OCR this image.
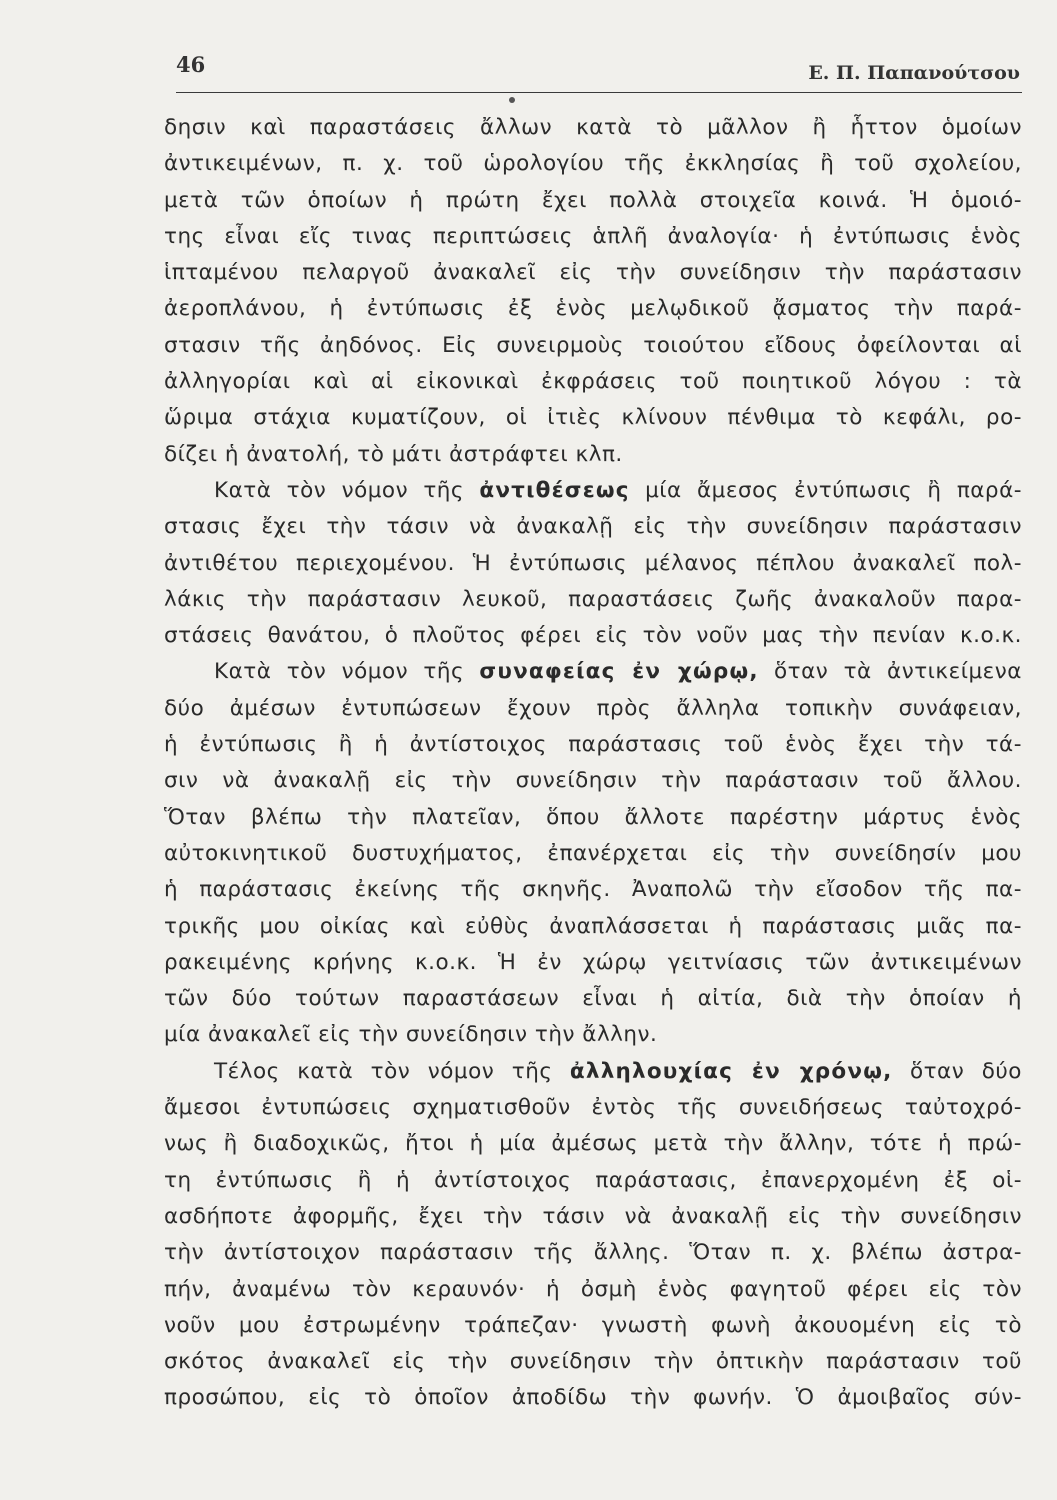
46	Ε. Π. Παπανούτσου
δησιν καὶ παραστάσεις ἄλλων κατὰ τὸ μᾶλλον ἢ ἧττον ὁμοίων
ἀντικειμένων, π. χ. τοῦ ὡρολογίου τῆς ἐκκλησίας ἢ τοῦ σχολείου,
μετὰ τῶν ὁποίων ἡ πρώτη ἔχει πολλὰ στοιχεῖα κοινά. Ἡ ὁμοιό-
της εἶναι εἴς τινας περιπτώσεις ἁπλῆ ἀναλογία· ἡ ἐντύπωσις ἑνὸς
ἱπταμένου πελαργοῦ ἀνακαλεῖ εἰς τὴν συνείδησιν τὴν παράστασιν
ἀεροπλάνου, ἡ ἐντύπωσις ἐξ ἑνὸς μελῳδικοῦ ᾄσματος τὴν παρά-
στασιν τῆς ἀηδόνος. Εἰς συνειρμοὺς τοιούτου εἴδους ὀφείλονται αἱ
ἀλληγορίαι καὶ αἱ εἰκονικαὶ ἐκφράσεις τοῦ ποιητικοῦ λόγου : τὰ
ὥριμα στάχια κυματίζουν, οἱ ἰτιὲς κλίνουν πένθιμα τὸ κεφάλι, ρο-
δίζει ἡ ἀνατολή, τὸ μάτι ἀστράφτει κλπ.
Κατὰ τὸν νόμον τῆς ἀντιθέσεως μία ἄμεσος ἐντύπωσις ἢ παρά-
στασις ἔχει τὴν τάσιν νὰ ἀνακαλῇ εἰς τὴν συνείδησιν παράστασιν
ἀντιθέτου περιεχομένου. Ἡ ἐντύπωσις μέλανος πέπλου ἀνακαλεῖ πολ-
λάκις τὴν παράστασιν λευκοῦ, παραστάσεις ζωῆς ἀνακαλοῦν παρα-
στάσεις θανάτου, ὁ πλοῦτος φέρει εἰς τὸν νοῦν μας τὴν πενίαν κ.ο.κ.
Κατὰ τὸν νόμον τῆς συναφείας ἐν χώρῳ, ὅταν τὰ ἀντικείμενα
δύο ἀμέσων ἐντυπώσεων ἔχουν πρὸς ἄλληλα τοπικὴν συνάφειαν,
ἡ ἐντύπωσις ἢ ἡ ἀντίστοιχος παράστασις τοῦ ἑνὸς ἔχει τὴν τά-
σιν νὰ ἀνακαλῇ εἰς τὴν συνείδησιν τὴν παράστασιν τοῦ ἄλλου.
Ὅταν βλέπω τὴν πλατεῖαν, ὅπου ἄλλοτε παρέστην μάρτυς ἑνὸς
αὐτοκινητικοῦ δυστυχήματος, ἐπανέρχεται εἰς τὴν συνείδησίν μου
ἡ παράστασις ἐκείνης τῆς σκηνῆς. Ἀναπολῶ τὴν εἴσοδον τῆς πα-
τρικῆς μου οἰκίας καὶ εὐθὺς ἀναπλάσσεται ἡ παράστασις μιᾶς πα-
ρακειμένης κρήνης κ.ο.κ. Ἡ ἐν χώρῳ γειτνίασις τῶν ἀντικειμένων
τῶν δύο τούτων παραστάσεων εἶναι ἡ αἰτία, διὰ τὴν ὁποίαν ἡ
μία ἀνακαλεῖ εἰς τὴν συνείδησιν τὴν ἄλλην.
Τέλος κατὰ τὸν νόμον τῆς ἀλληλουχίας ἐν χρόνῳ, ὅταν δύο
ἄμεσοι ἐντυπώσεις σχηματισθοῦν ἐντὸς τῆς συνειδήσεως ταὐτοχρό-
νως ἢ διαδοχικῶς, ἤτοι ἡ μία ἀμέσως μετὰ τὴν ἄλλην, τότε ἡ πρώ-
τη ἐντύπωσις ἢ ἡ ἀντίστοιχος παράστασις, ἐπανερχομένη ἐξ οἱ-
ασδήποτε ἀφορμῆς, ἔχει τὴν τάσιν νὰ ἀνακαλῇ εἰς τὴν συνείδησιν
τὴν ἀντίστοιχον παράστασιν τῆς ἄλλης. Ὅταν π. χ. βλέπω ἀστρα-
πήν, ἀναμένω τὸν κεραυνόν· ἡ ὀσμὴ ἑνὸς φαγητοῦ φέρει εἰς τὸν
νοῦν μου ἐστρωμένην τράπεζαν· γνωστὴ φωνὴ ἀκουομένη εἰς τὸ
σκότος ἀνακαλεῖ εἰς τὴν συνείδησιν τὴν ὀπτικὴν παράστασιν τοῦ
προσώπου, εἰς τὸ ὁποῖον ἀποδίδω τὴν φωνήν. Ὁ ἀμοιβαῖος σύν-
